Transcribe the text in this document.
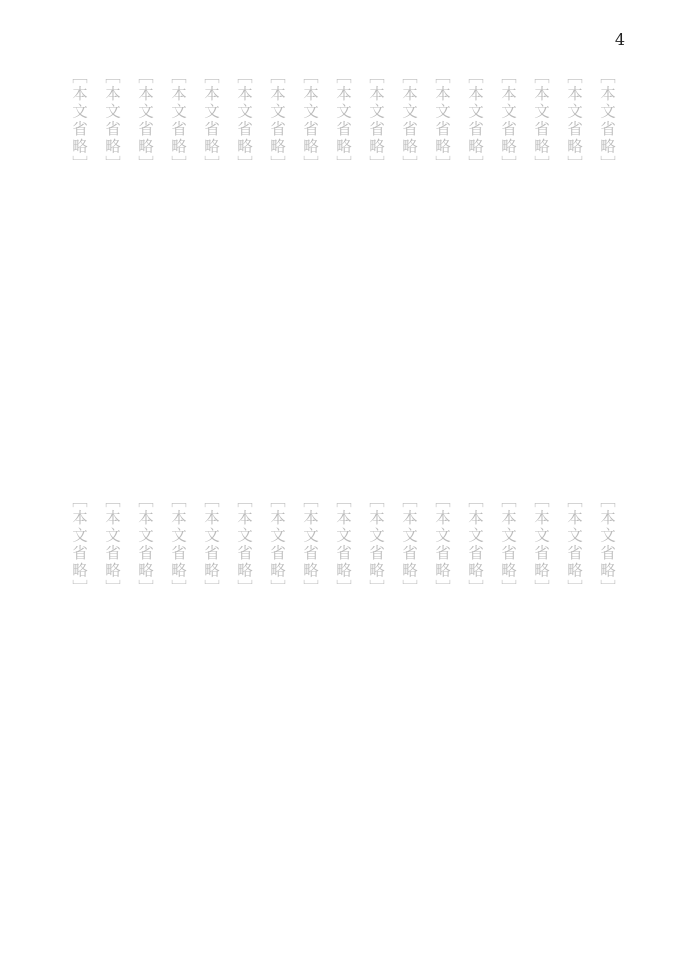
4
［本文省略］
［本文省略］
［本文省略］
［本文省略］
［本文省略］
［本文省略］
［本文省略］
［本文省略］
［本文省略］
［本文省略］
［本文省略］
［本文省略］
［本文省略］
［本文省略］
［本文省略］
［本文省略］
［本文省略］
［本文省略］
［本文省略］
［本文省略］
［本文省略］
［本文省略］
［本文省略］
［本文省略］
［本文省略］
［本文省略］
［本文省略］
［本文省略］
［本文省略］
［本文省略］
［本文省略］
［本文省略］
［本文省略］
［本文省略］
